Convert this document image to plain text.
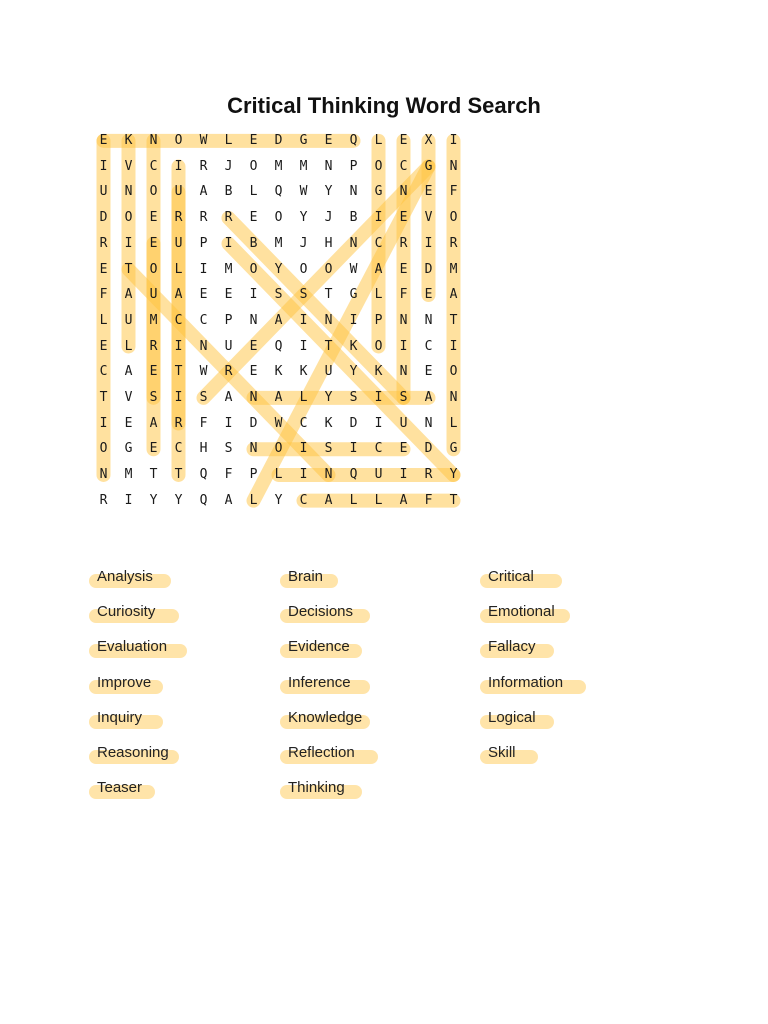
Critical Thinking Word Search
E	K	N	O	W	L	E	D	G	E	Q	L	E	X	I
I	V	C	I	R	J	O	M	M	N	P	O	C	G	N
U	N	O	U	A	B	L	Q	W	Y	N	G	N	E	F
D	O	E	R	R	R	E	O	Y	J	B	I	E	V	O
R	I	E	U	P	I	B	M	J	H	N	C	R	I	R
E	T	O	L	I	M	O	Y	O	O	W	A	E	D	M
F	A	U	A	E	E	I	S	S	T	G	L	F	E	A
L	U	M	C	C	P	N	A	I	N	I	P	N	N	T
E	L	R	I	N	U	E	Q	I	T	K	O	I	C	I
C	A	E	T	W	R	E	K	K	U	Y	K	N	E	O
T	V	S	I	S	A	N	A	L	Y	S	I	S	A	N
I	E	A	R	F	I	D	W	C	K	D	I	U	N	L
O	G	E	C	H	S	N	O	I	S	I	C	E	D	G
N	M	T	T	Q	F	P	L	I	N	Q	U	I	R	Y
R	I	Y	Y	Q	A	L	Y	C	A	L	L	A	F	T
Analysis	Brain	Critical
Curiosity	Decisions	Emotional
Evaluation	Evidence	Fallacy
Improve	Inference	Information
Inquiry	Knowledge	Logical
Reasoning	Reflection	Skill
Teaser	Thinking
